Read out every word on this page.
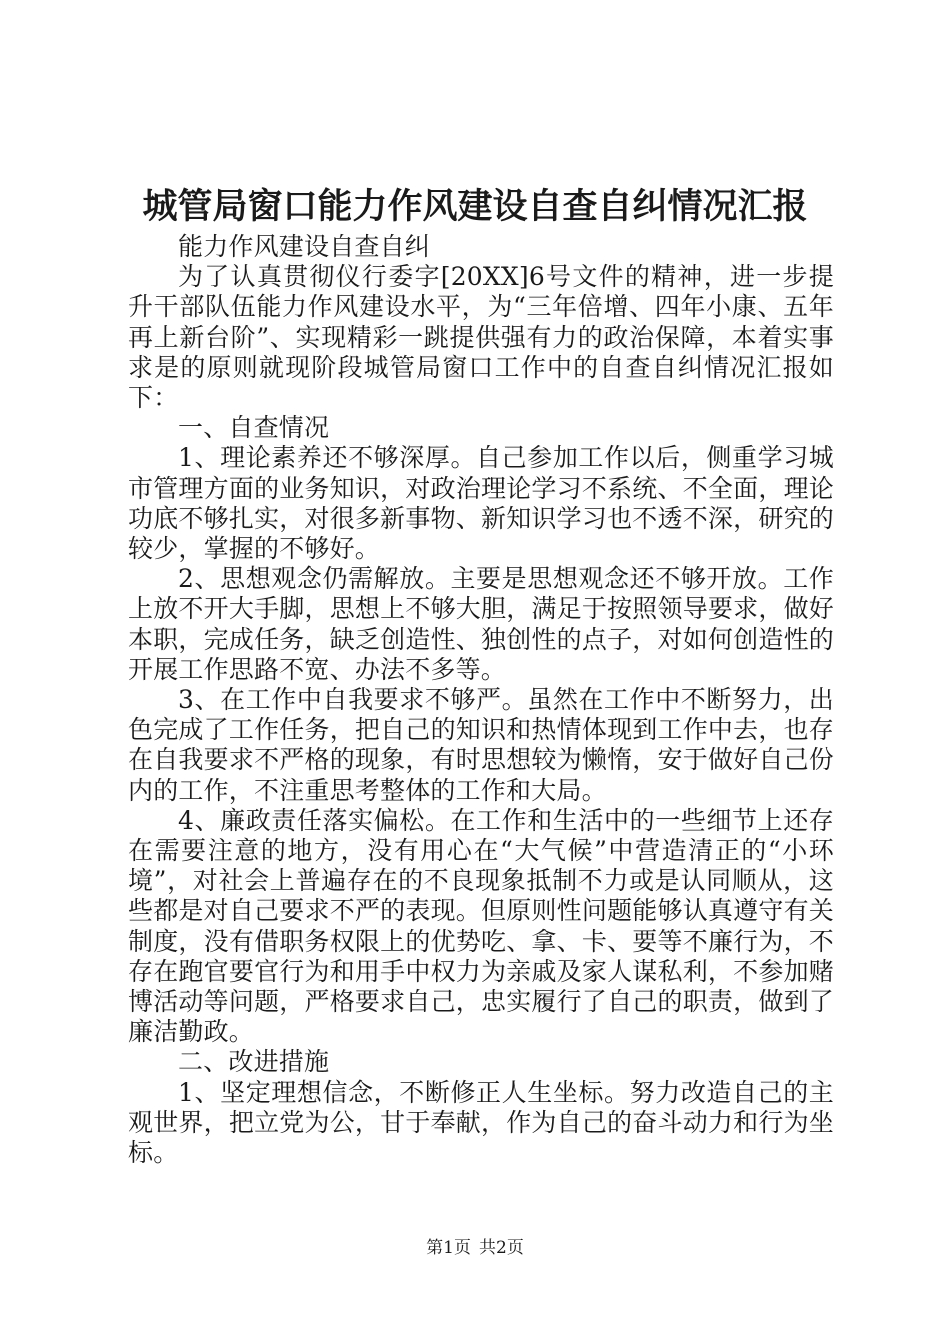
城管局窗口能力作风建设自查自纠情况汇报

能力作风建设自查自纠

为了认真贯彻仪行委字[20XX]6号文件的精神，进一步提升干部队伍能力作风建设水平，为“三年倍增、四年小康、五年再上新台阶”、实现精彩一跳提供强有力的政治保障，本着实事求是的原则就现阶段城管局窗口工作中的自查自纠情况汇报如下：

一、自查情况

1、理论素养还不够深厚。自己参加工作以后，侧重学习城市管理方面的业务知识，对政治理论学习不系统、不全面，理论功底不够扎实，对很多新事物、新知识学习也不透不深，研究的较少，掌握的不够好。

2、思想观念仍需解放。主要是思想观念还不够开放。工作上放不开大手脚，思想上不够大胆，满足于按照领导要求，做好本职，完成任务，缺乏创造性、独创性的点子，对如何创造性的开展工作思路不宽、办法不多等。

3、在工作中自我要求不够严。虽然在工作中不断努力，出色完成了工作任务，把自己的知识和热情体现到工作中去，也存在自我要求不严格的现象，有时思想较为懒惰，安于做好自己份内的工作，不注重思考整体的工作和大局。

4、廉政责任落实偏松。在工作和生活中的一些细节上还存在需要注意的地方，没有用心在“大气候”中营造清正的“小环境”，对社会上普遍存在的不良现象抵制不力或是认同顺从，这些都是对自己要求不严的表现。但原则性问题能够认真遵守有关制度，没有借职务权限上的优势吃、拿、卡、要等不廉行为，不存在跑官要官行为和用手中权力为亲戚及家人谋私利，不参加赌博活动等问题，严格要求自己，忠实履行了自己的职责，做到了廉洁勤政。

二、改进措施

1、坚定理想信念，不断修正人生坐标。努力改造自己的主观世界，把立党为公，甘于奉献，作为自己的奋斗动力和行为坐标。

第1页 共2页
